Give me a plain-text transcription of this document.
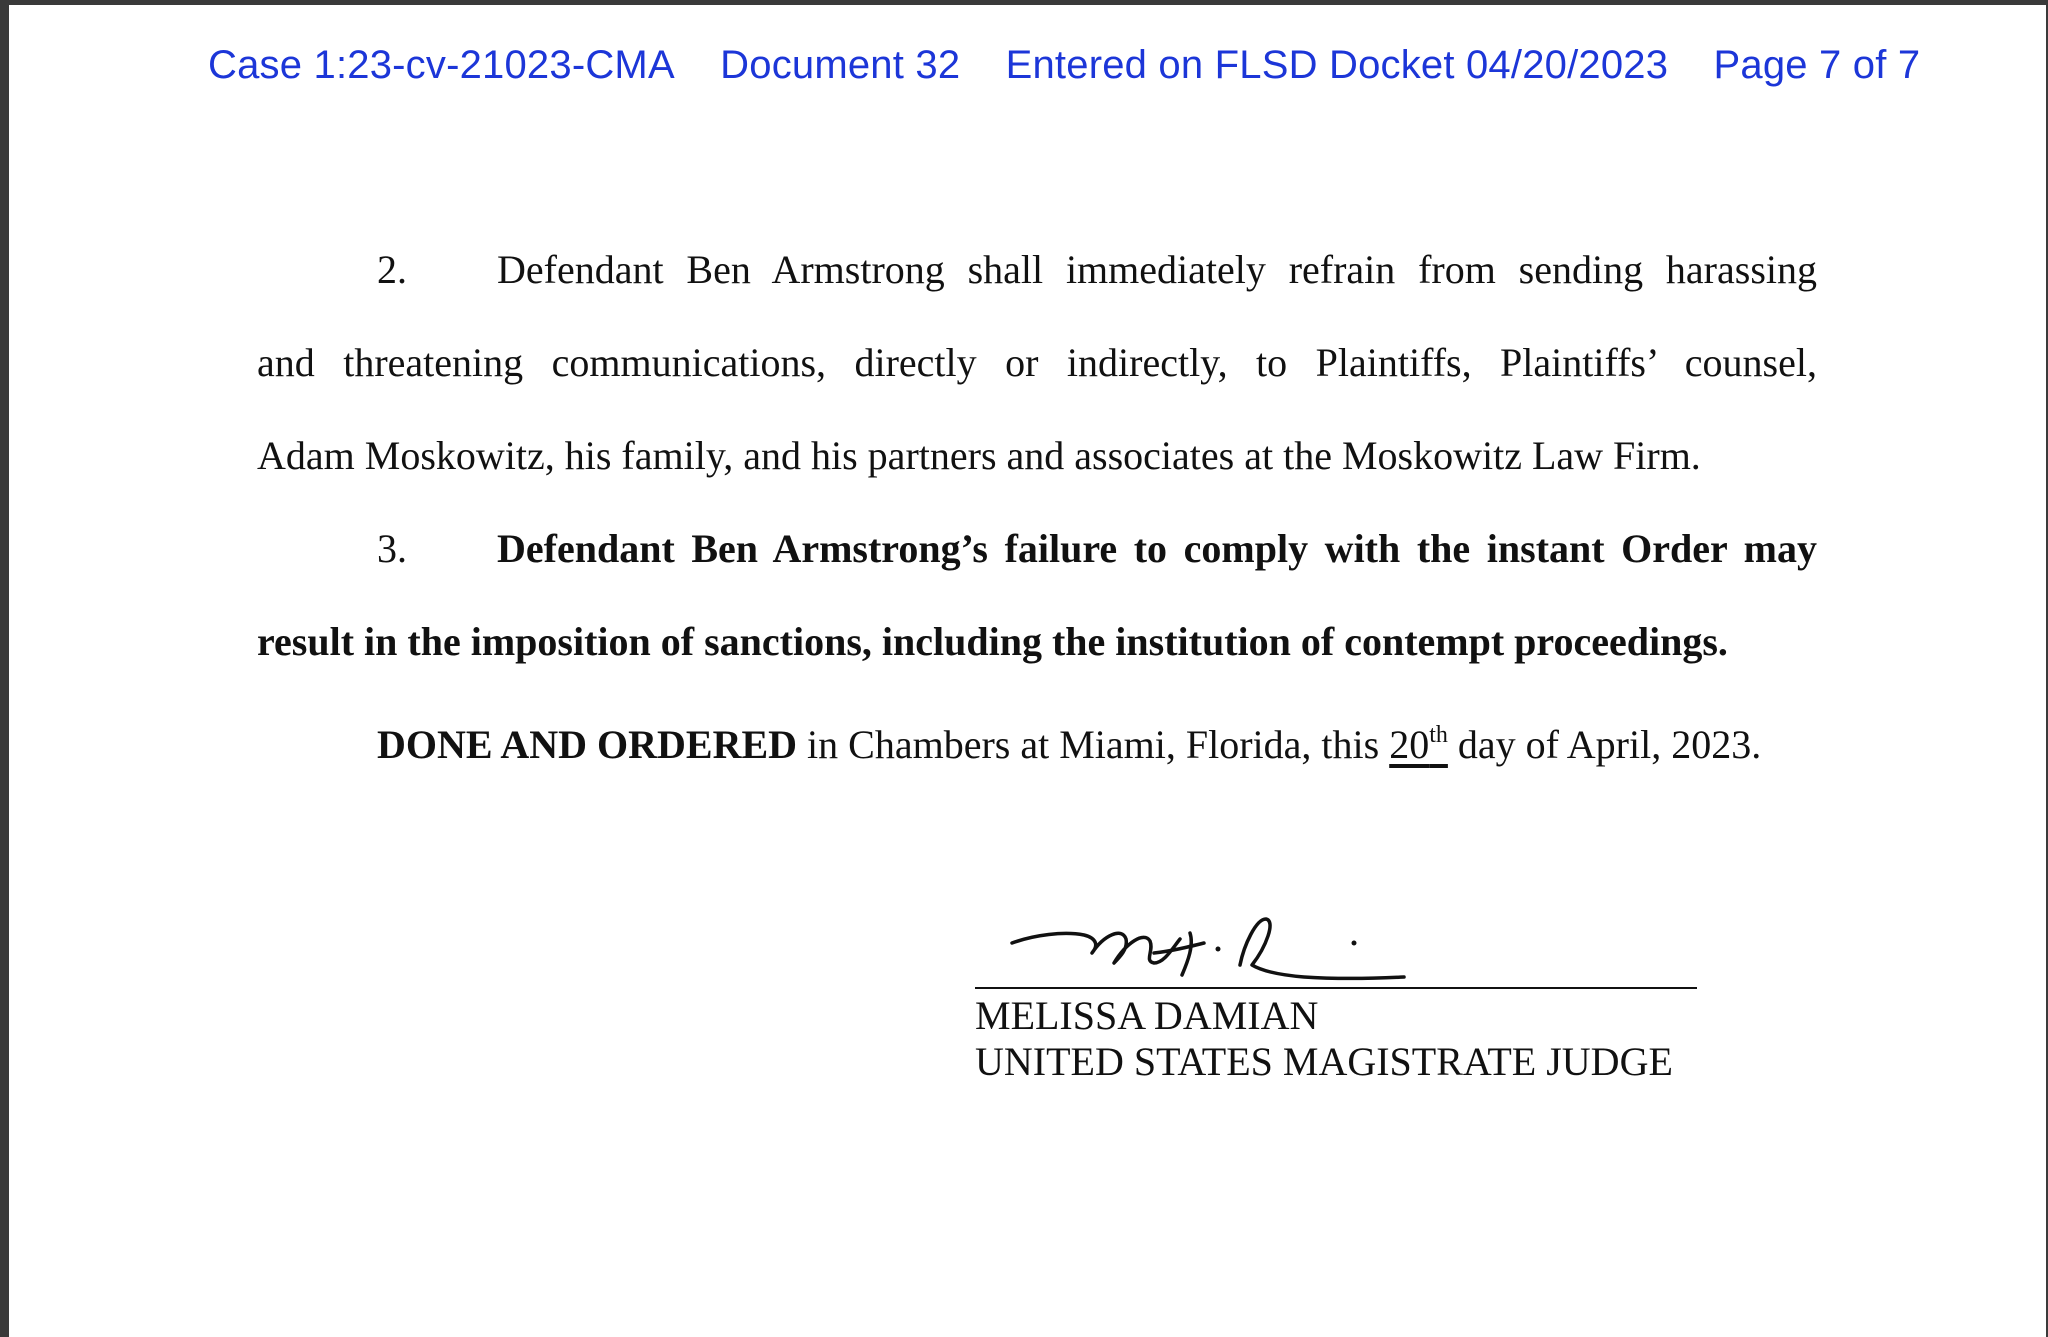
Case 1:23-cv-21023-CMA Document 32 Entered on FLSD Docket 04/20/2023 Page 7 of 7
2. Defendant Ben Armstrong shall immediately refrain from sending harassing
and threatening communications, directly or indirectly, to Plaintiffs, Plaintiffs’ counsel,
Adam Moskowitz, his family, and his partners and associates at the Moskowitz Law Firm.
3. Defendant Ben Armstrong’s failure to comply with the instant Order may
result in the imposition of sanctions, including the institution of contempt proceedings.
DONE AND ORDERED in Chambers at Miami, Florida, this 20th day of April, 2023.
MELISSA DAMIAN
UNITED STATES MAGISTRATE JUDGE
